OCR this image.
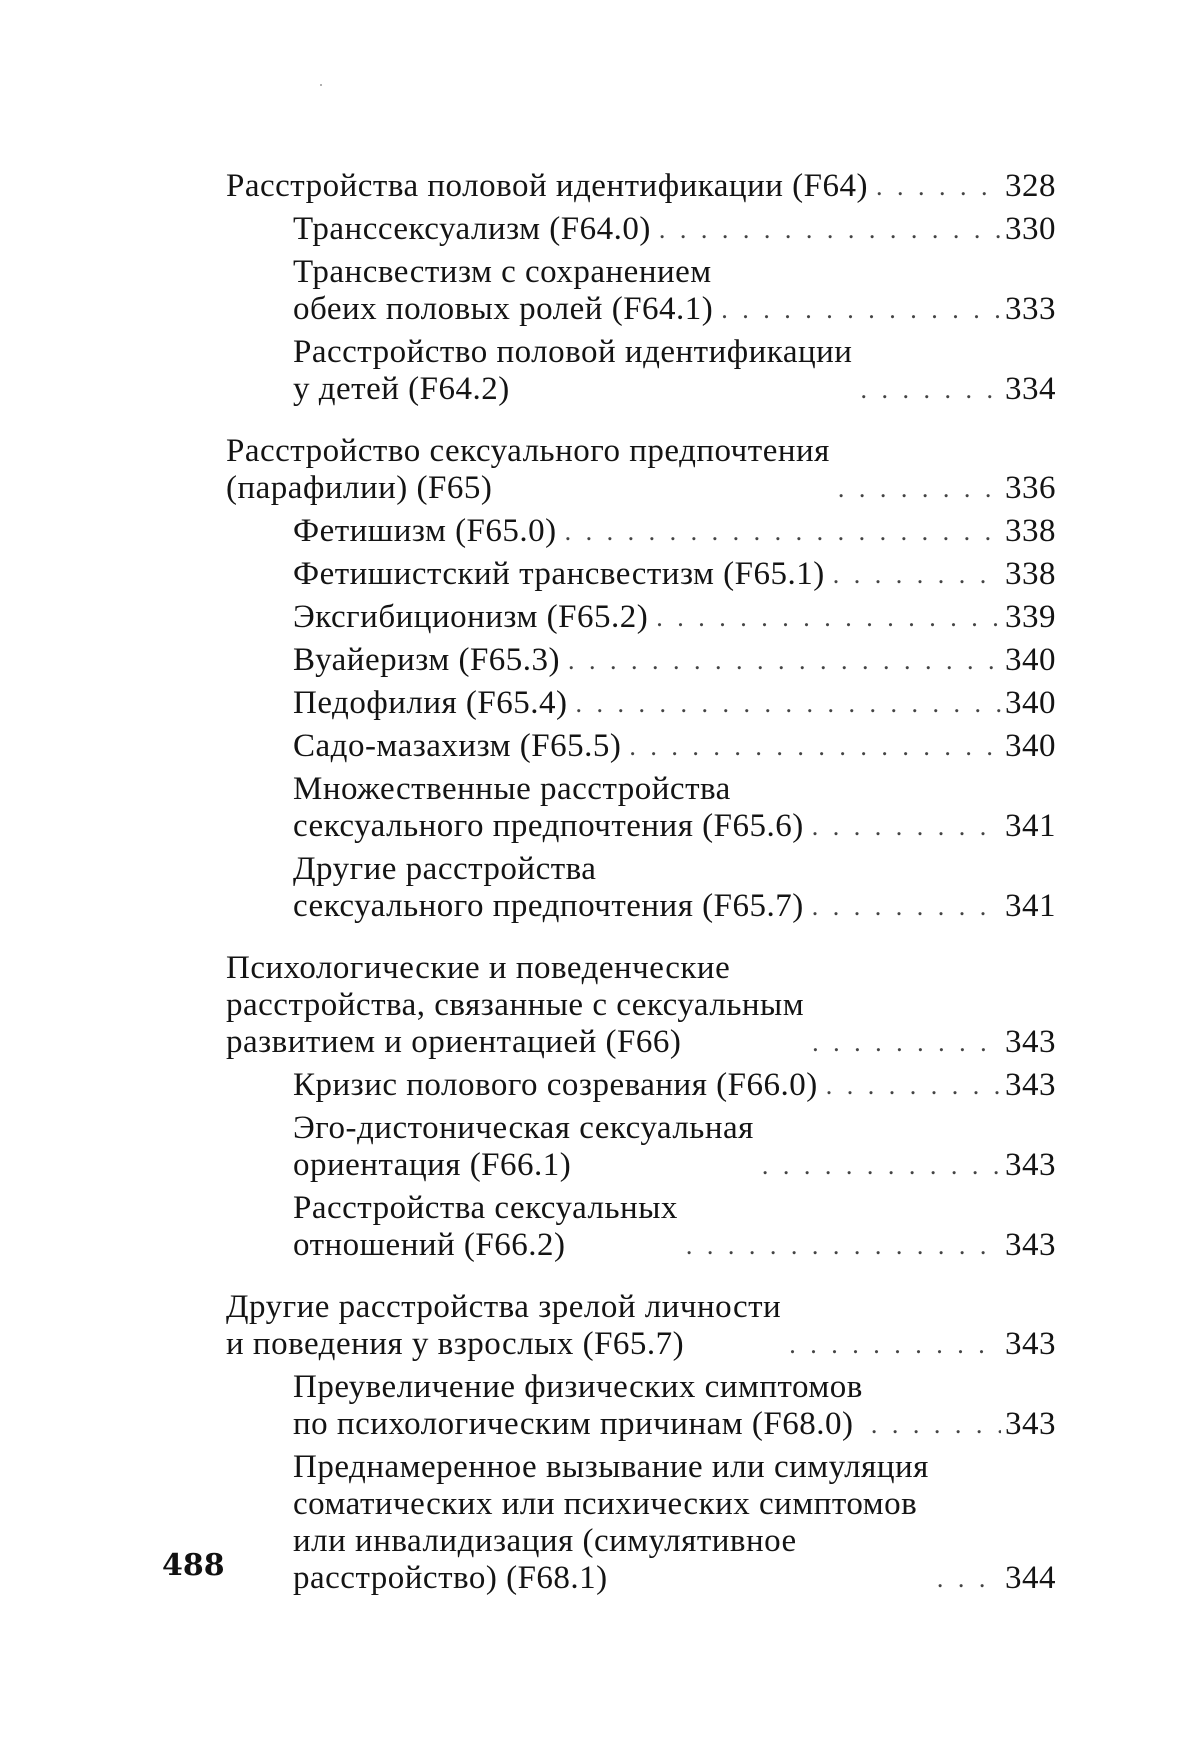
Расстройства половой идентификации (F64) . . .	328
Транссексуализм (F64.0) . . .	330
Трансвестизм с сохранением
обеих половых ролей (F64.1) . . .	333
Расстройство половой идентификации
у детей (F64.2) . . .	334
Расстройство сексуального предпочтения
(парафилии) (F65) . . .	336
Фетишизм (F65.0) . . .	338
Фетишистский трансвестизм (F65.1) . . .	338
Эксгибиционизм (F65.2) . . .	339
Вуайеризм (F65.3) . . .	340
Педофилия (F65.4) . . .	340
Садо-мазахизм (F65.5) . . .	340
Множественные расстройства
сексуального предпочтения (F65.6) . . .	341
Другие расстройства
сексуального предпочтения (F65.7) . . .	341
Психологические и поведенческие
расстройства, связанные с сексуальным
развитием и ориентацией (F66) . . .	343
Кризис полового созревания (F66.0) . . .	343
Эго-дистоническая сексуальная
ориентация (F66.1) . . .	343
Расстройства сексуальных
отношений (F66.2) . . .	343
Другие расстройства зрелой личности
и поведения у взрослых (F65.7) . . .	343
Преувеличение физических симптомов
по психологическим причинам (F68.0) . . .	343
Преднамеренное вызывание или симуляция
соматических или психических симптомов
или инвалидизация (симулятивное
расстройство) (F68.1) . . .	344
488
